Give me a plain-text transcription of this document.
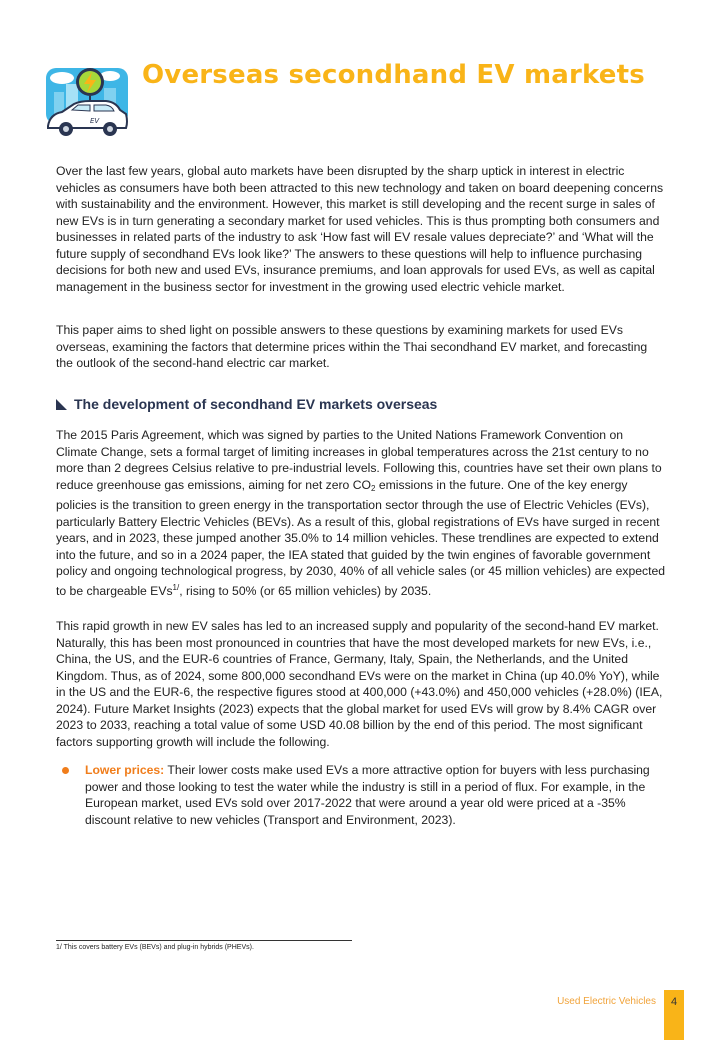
EV
Overseas secondhand EV markets

Over the last few years, global auto markets have been disrupted by the sharp uptick in interest in electric vehicles as consumers have both been attracted to this new technology and taken on board deepening concerns with sustainability and the environment. However, this market is still developing and the recent surge in sales of new EVs is in turn generating a secondary market for used vehicles. This is thus prompting both consumers and businesses in related parts of the industry to ask ‘How fast will EV resale values depreciate?’ and ‘What will the future supply of secondhand EVs look like?’ The answers to these questions will help to influence purchasing decisions for both new and used EVs, insurance premiums, and loan approvals for used EVs, as well as capital management in the business sector for investment in the growing used electric vehicle market.

This paper aims to shed light on possible answers to these questions by examining markets for used EVs overseas, examining the factors that determine prices within the Thai secondhand EV market, and forecasting the outlook of the second-hand electric car market.

The development of secondhand EV markets overseas

The 2015 Paris Agreement, which was signed by parties to the United Nations Framework Convention on Climate Change, sets a formal target of limiting increases in global temperatures across the 21st century to no more than 2 degrees Celsius relative to pre-industrial levels. Following this, countries have set their own plans to reduce greenhouse gas emissions, aiming for net zero $CO_2$ emissions in the future. One of the key energy policies is the transition to green energy in the transportation sector through the use of Electric Vehicles (EVs), particularly Battery Electric Vehicles (BEVs). As a result of this, global registrations of EVs have surged in recent years, and in 2023, these jumped another 35.0% to 14 million vehicles. These trendlines are expected to extend into the future, and so in a 2024 paper, the IEA stated that guided by the twin engines of favorable government policy and ongoing technological progress, by 2030, 40% of all vehicle sales (or 45 million vehicles) are expected to be chargeable EVs$^{1/}$, rising to 50% (or 65 million vehicles) by 2035.

This rapid growth in new EV sales has led to an increased supply and popularity of the second-hand EV market. Naturally, this has been most pronounced in countries that have the most developed markets for new EVs, i.e., China, the US, and the EUR-6 countries of France, Germany, Italy, Spain, the Netherlands, and the United Kingdom. Thus, as of 2024, some 800,000 secondhand EVs were on the market in China (up 40.0% YoY), while in the US and the EUR-6, the respective figures stood at 400,000 (+43.0%) and 450,000 vehicles (+28.0%) (IEA, 2024). Future Market Insights (2023) expects that the global market for used EVs will grow by 8.4% CAGR over 2023 to 2033, reaching a total value of some USD 40.08 billion by the end of this period. The most significant factors supporting growth will include the following.

Lower prices: Their lower costs make used EVs a more attractive option for buyers with less purchasing power and those looking to test the water while the industry is still in a period of flux. For example, in the European market, used EVs sold over 2017-2022 that were around a year old were priced at a -35% discount relative to new vehicles (Transport and Environment, 2023).

1/ This covers battery EVs (BEVs) and plug-in hybrids (PHEVs).

Used Electric Vehicles	4
